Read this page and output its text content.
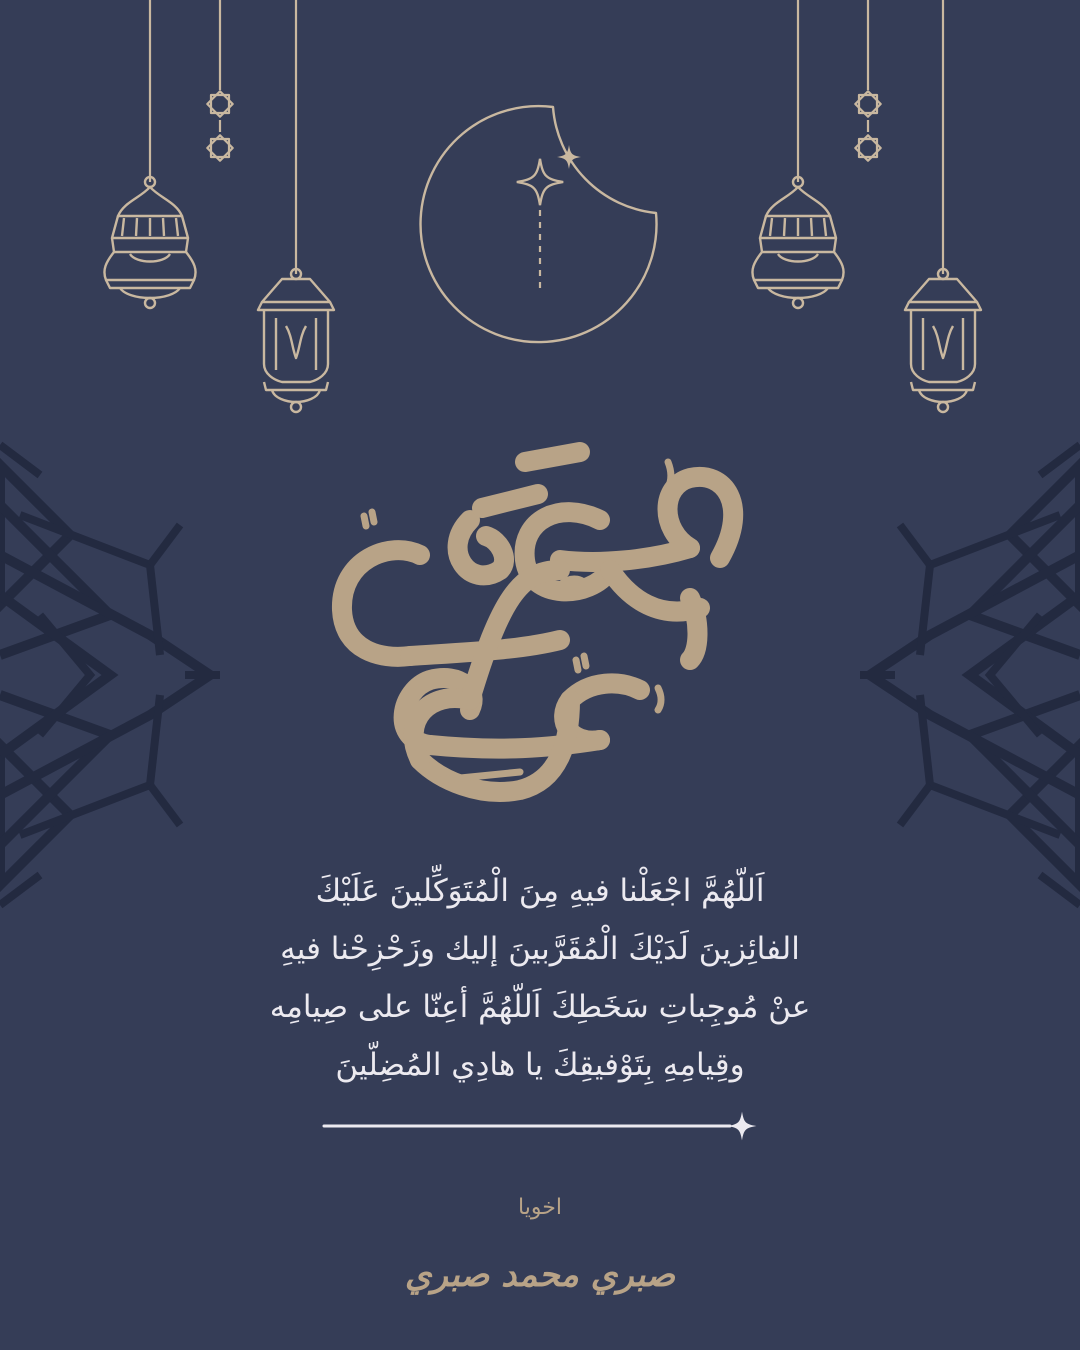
اَللّهُمَّ اجْعَلْنا فيهِ مِنَ الْمُتَوَكِّلينَ عَلَيْكَ
الفائِزينَ لَدَيْكَ الْمُقَرَّبينَ إليك وزَحْزِحْنا فيهِ
عنْ مُوجِباتِ سَخَطِكَ اَللّهُمَّ أعِنّا على صِيامِه
وقِيامِهِ بِتَوْفيقِكَ يا هادِي المُضِلّينَ

اخويا
صبري محمد صبري
